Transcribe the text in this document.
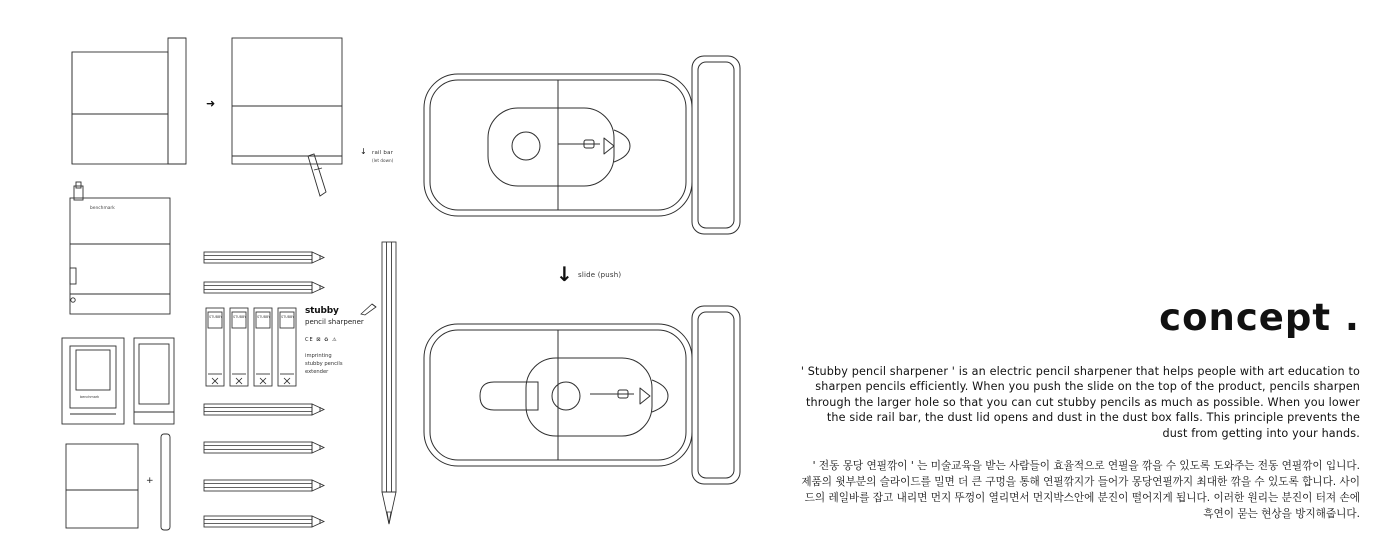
➜
↓ rail bar
(let down)
benchmark
benchmark
+
STUBBY	STUBBY	STUBBY	STUBBY
stubby
pencil sharpener
CE ⊠ ♻ ⚠
imprinting
stubby pencils
extender
↓ slide (push)
concept .
' Stubby pencil sharpener ' is an electric pencil sharpener that helps people with art education to sharpen pencils efficiently. When you push the slide on the top of the product, pencils sharpen through the larger hole so that you can cut stubby pencils as much as possible. When you lower the side rail bar, the dust lid opens and dust in the dust box falls. This principle prevents the dust from getting into your hands.
' 전동 몽당 연필깎이 ' 는 미술교육을 받는 사람들이 효율적으로 연필을 깎을 수 있도록 도와주는 전동 연필깎이 입니다. 제품의 윗부분의 슬라이드를 밀면 더 큰 구멍을 통해 연필깎지가 들어가 몽당연필까지 최대한 깎을 수 있도록 합니다. 사이드의 레일바를 잡고 내리면 먼지 뚜껑이 열리면서 먼지박스안에 분진이 떨어지게 됩니다. 이러한 원리는 분진이 터져 손에 흑연이 묻는 현상을 방지해줍니다.
